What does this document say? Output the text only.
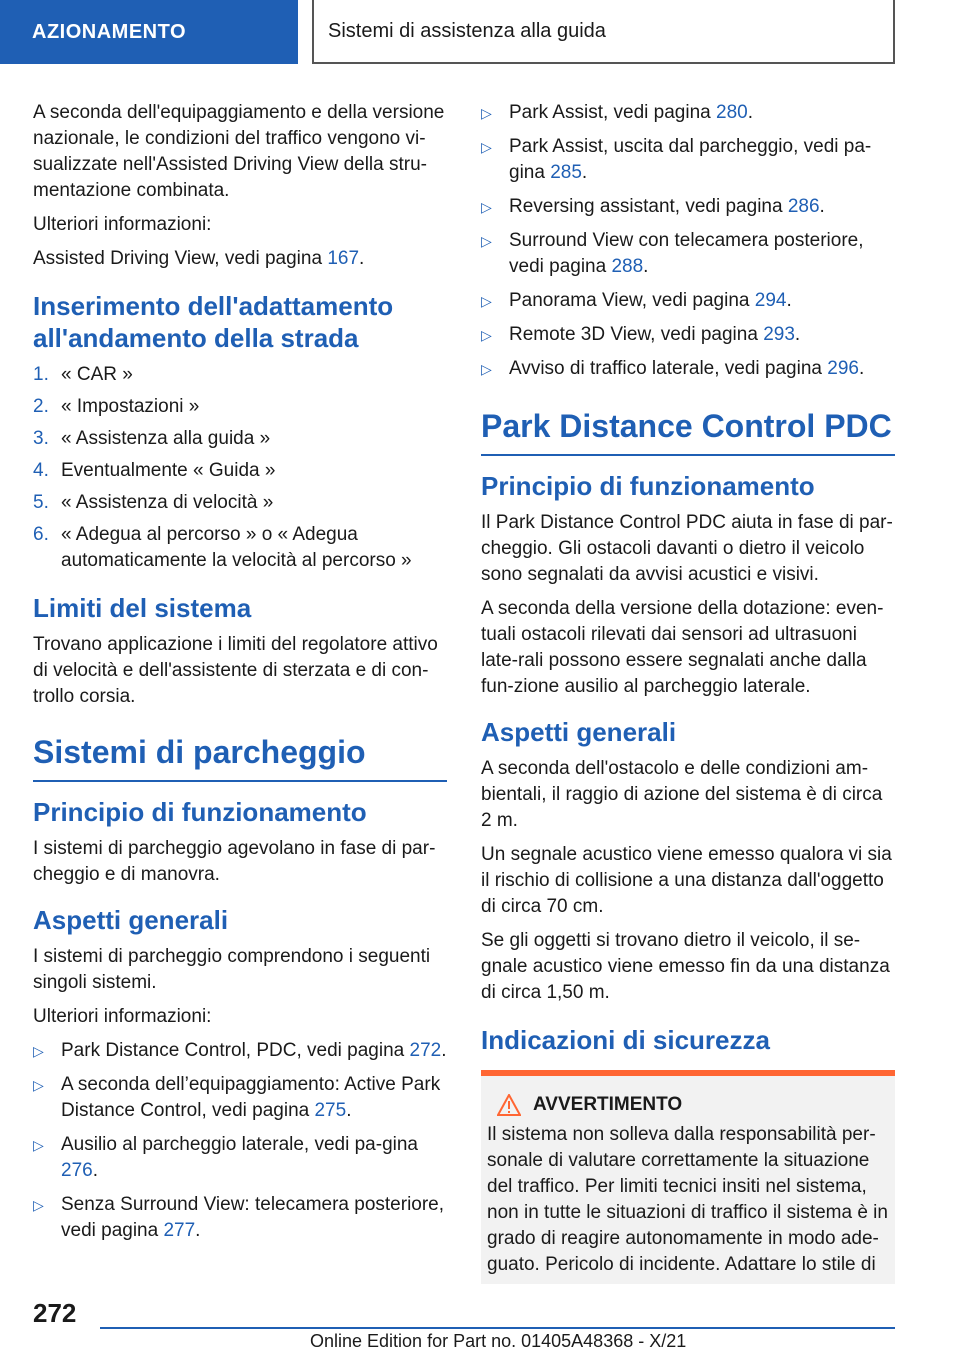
AZIONAMENTO	Sistemi di assistenza alla guida

A seconda dell'equipaggiamento e della versione nazionale, le condizioni del traffico vengono vi-sualizzate nell'Assisted Driving View della stru-mentazione combinata.

Ulteriori informazioni:

Assisted Driving View, vedi pagina 167.

Inserimento dell'adattamento all'andamento della strada
1. « CAR »
2. « Impostazioni »
3. « Assistenza alla guida »
4. Eventualmente « Guida »
5. « Assistenza di velocità »
6. « Adegua al percorso » o « Adegua automaticamente la velocità al percorso »
Limiti del sistema

Trovano applicazione i limiti del regolatore attivo di velocità e dell'assistente di sterzata e di con-trollo corsia.

Sistemi di parcheggio
Principio di funzionamento

I sistemi di parcheggio agevolano in fase di par-cheggio e di manovra.

Aspetti generali

I sistemi di parcheggio comprendono i seguenti singoli sistemi.

Ulteriori informazioni:

▷ Park Distance Control, PDC, vedi pagina 272.
▷ A seconda dell’equipaggiamento: Active Park Distance Control, vedi pagina 275.
▷ Ausilio al parcheggio laterale, vedi pa-gina 276.
▷ Senza Surround View: telecamera posteriore, vedi pagina 277.
▷ Park Assist, vedi pagina 280.
▷ Park Assist, uscita dal parcheggio, vedi pa-gina 285.
▷ Reversing assistant, vedi pagina 286.
▷ Surround View con telecamera posteriore, vedi pagina 288.
▷ Panorama View, vedi pagina 294.
▷ Remote 3D View, vedi pagina 293.
▷ Avviso di traffico laterale, vedi pagina 296.
Park Distance Control PDC
Principio di funzionamento

Il Park Distance Control PDC aiuta in fase di par-cheggio. Gli ostacoli davanti o dietro il veicolo sono segnalati da avvisi acustici e visivi.

A seconda della versione della dotazione: even-tuali ostacoli rilevati dai sensori ad ultrasuoni late-rali possono essere segnalati anche dalla fun-zione ausilio al parcheggio laterale.

Aspetti generali

A seconda dell'ostacolo e delle condizioni am-bientali, il raggio di azione del sistema è di circa 2 m.

Un segnale acustico viene emesso qualora vi sia il rischio di collisione a una distanza dall'oggetto di circa 70 cm.

Se gli oggetti si trovano dietro il veicolo, il se-gnale acustico viene emesso fin da una distanza di circa 1,50 m.

Indicazioni di sicurezza
AVVERTIMENTO

Il sistema non solleva dalla responsabilità per-sonale di valutare correttamente la situazione del traffico. Per limiti tecnici insiti nel sistema, non in tutte le situazioni di traffico il sistema è in grado di reagire autonomamente in modo ade-guato. Pericolo di incidente. Adattare lo stile di

272
Online Edition for Part no. 01405A48368 - X/21
